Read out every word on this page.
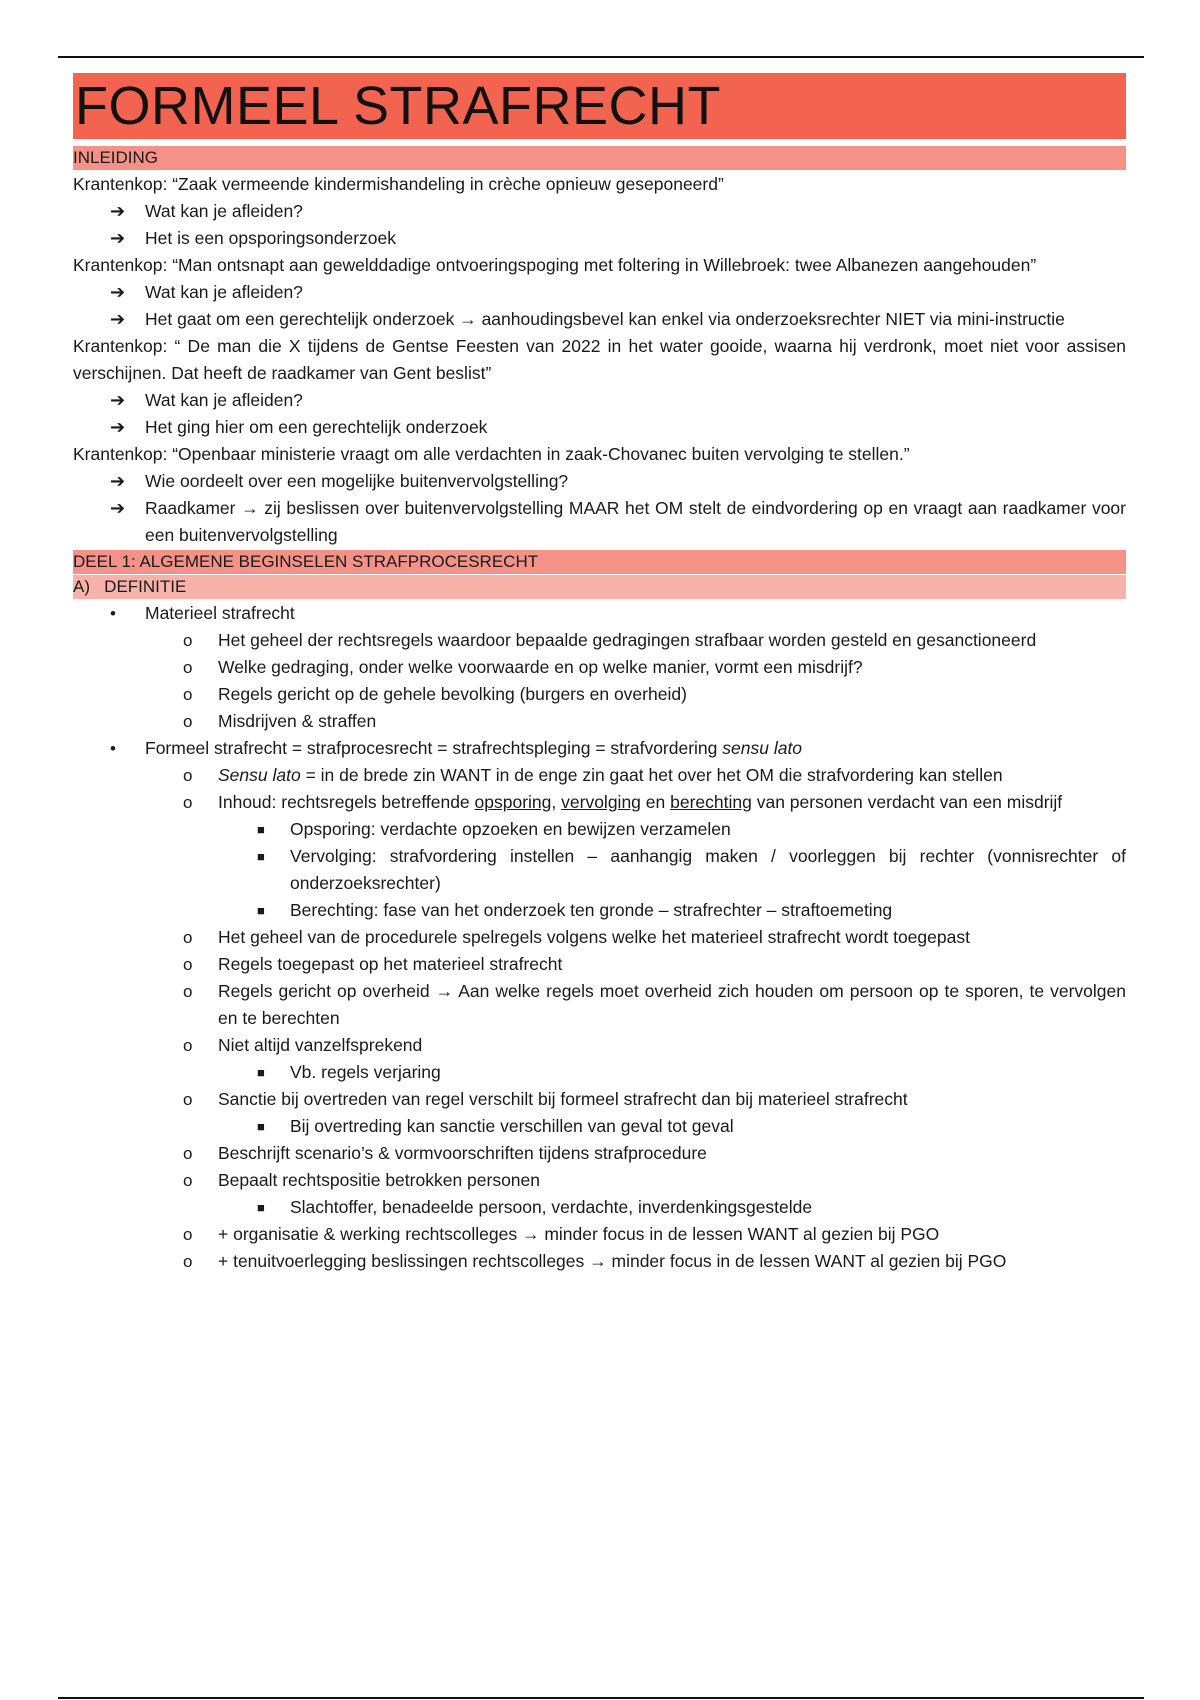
FORMEEL STRAFRECHT
INLEIDING
Krantenkop: “Zaak vermeende kindermishandeling in crèche opnieuw geseponeerd”
➔ Wat kan je afleiden?
➔ Het is een opsporingsonderzoek
Krantenkop: “Man ontsnapt aan gewelddadige ontvoeringspoging met foltering in Willebroek: twee Albanezen aangehouden”
➔ Wat kan je afleiden?
➔ Het gaat om een gerechtelijk onderzoek → aanhoudingsbevel kan enkel via onderzoeksrechter NIET via mini-instructie
Krantenkop: “ De man die X tijdens de Gentse Feesten van 2022 in het water gooide, waarna hij verdronk, moet niet voor assisen verschijnen. Dat heeft de raadkamer van Gent beslist”
➔ Wat kan je afleiden?
➔ Het ging hier om een gerechtelijk onderzoek
Krantenkop: “Openbaar ministerie vraagt om alle verdachten in zaak-Chovanec buiten vervolging te stellen.”
➔ Wie oordeelt over een mogelijke buitenvervolgstelling?
➔ Raadkamer → zij beslissen over buitenvervolgstelling MAAR het OM stelt de eindvordering op en vraagt aan raadkamer voor een buitenvervolgstelling
DEEL 1: ALGEMENE BEGINSELEN STRAFPROCESRECHT
A) DEFINITIE
• Materieel strafrecht
o Het geheel der rechtsregels waardoor bepaalde gedragingen strafbaar worden gesteld en gesanctioneerd
o Welke gedraging, onder welke voorwaarde en op welke manier, vormt een misdrijf?
o Regels gericht op de gehele bevolking (burgers en overheid)
o Misdrijven & straffen
• Formeel strafrecht = strafprocesrecht = strafrechtspleging = strafvordering sensu lato
o Sensu lato = in de brede zin WANT in de enge zin gaat het over het OM die strafvordering kan stellen
o Inhoud: rechtsregels betreffende opsporing, vervolging en berechting van personen verdacht van een misdrijf
■ Opsporing: verdachte opzoeken en bewijzen verzamelen
■ Vervolging: strafvordering instellen – aanhangig maken / voorleggen bij rechter (vonnisrechter of onderzoeksrechter)
■ Berechting: fase van het onderzoek ten gronde – strafrechter – straftoemeting
o Het geheel van de procedurele spelregels volgens welke het materieel strafrecht wordt toegepast
o Regels toegepast op het materieel strafrecht
o Regels gericht op overheid → Aan welke regels moet overheid zich houden om persoon op te sporen, te vervolgen en te berechten
o Niet altijd vanzelfsprekend
■ Vb. regels verjaring
o Sanctie bij overtreden van regel verschilt bij formeel strafrecht dan bij materieel strafrecht
■ Bij overtreding kan sanctie verschillen van geval tot geval
o Beschrijft scenario’s & vormvoorschriften tijdens strafprocedure
o Bepaalt rechtspositie betrokken personen
■ Slachtoffer, benadeelde persoon, verdachte, inverdenkingsgestelde
o + organisatie & werking rechtscolleges → minder focus in de lessen WANT al gezien bij PGO
o + tenuitvoerlegging beslissingen rechtscolleges → minder focus in de lessen WANT al gezien bij PGO
